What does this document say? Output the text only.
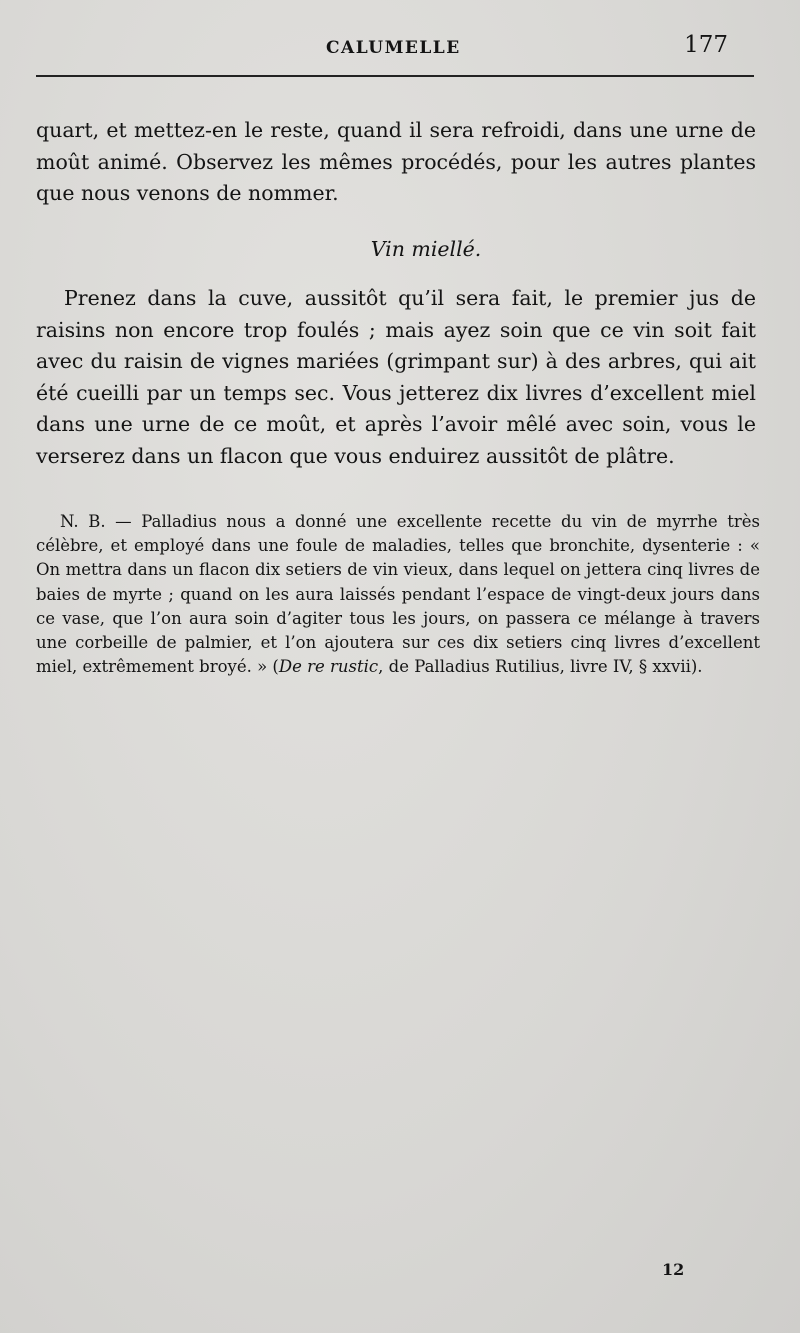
CALUMELLE	177

quart, et mettez-en le reste, quand il sera refroidi, dans une urne de moût animé. Observez les mêmes procédés, pour les autres plantes que nous venons de nommer.

Vin miellé.

Prenez dans la cuve, aussitôt qu’il sera fait, le premier jus de raisins non encore trop foulés ; mais ayez soin que ce vin soit fait avec du raisin de vignes mariées (grimpant sur) à des arbres, qui ait été cueilli par un temps sec. Vous jetterez dix livres d’excellent miel dans une urne de ce moût, et après l’avoir mêlé avec soin, vous le verserez dans un flacon que vous enduirez aussitôt de plâtre.

N. B. — Palladius nous a donné une excellente recette du vin de myrrhe très célèbre, et employé dans une foule de maladies, telles que bronchite, dysenterie : « On mettra dans un flacon dix setiers de vin vieux, dans lequel on jettera cinq livres de baies de myrte ; quand on les aura laissés pendant l’espace de vingt-deux jours dans ce vase, que l’on aura soin d’agiter tous les jours, on passera ce mélange à travers une corbeille de palmier, et l’on ajoutera sur ces dix setiers cinq livres d’excellent miel, extrêmement broyé. » (De re rustic, de Palladius Rutilius, livre IV, § xxvii).

12
